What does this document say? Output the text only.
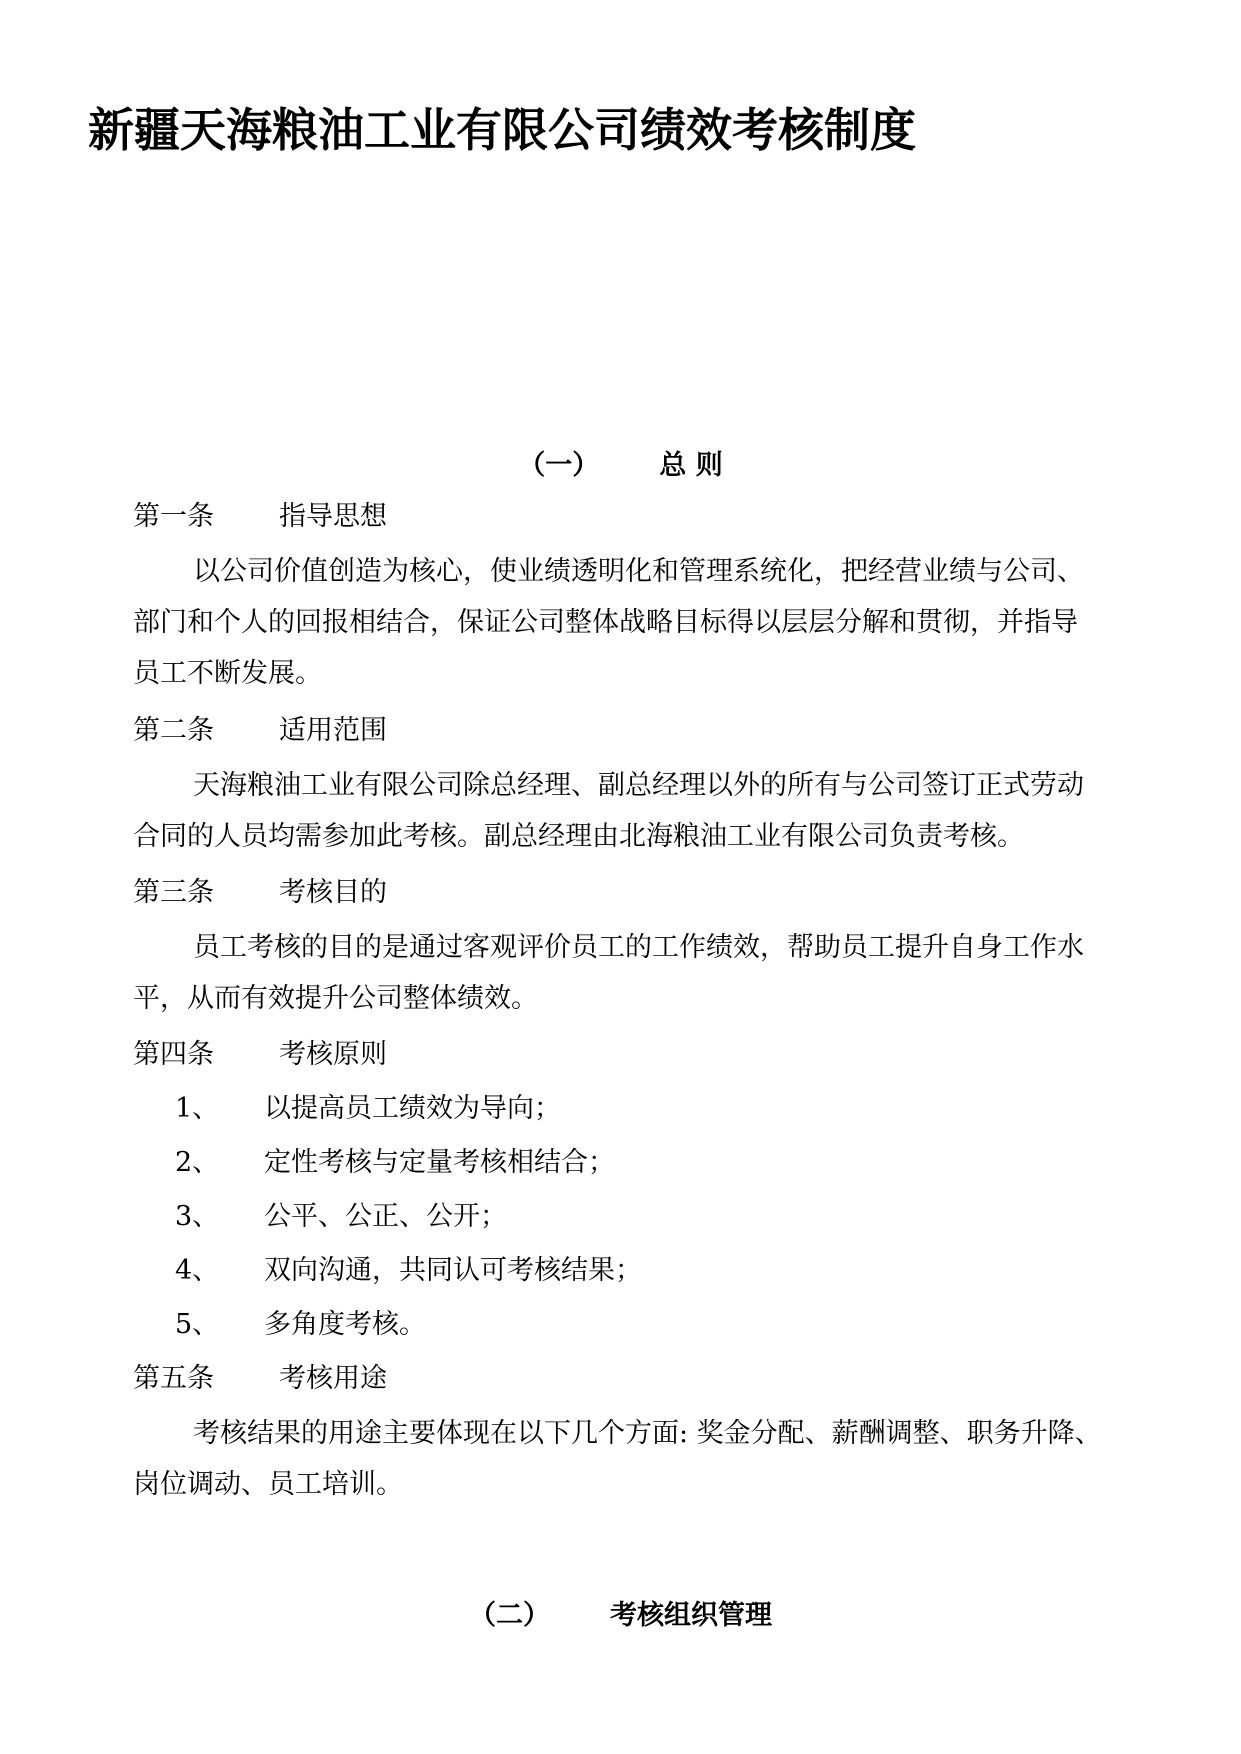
新疆天海粮油工业有限公司绩效考核制度
（一） 总 则
第一条 指导思想
以公司价值创造为核心，使业绩透明化和管理系统化，把经营业绩与公司、
部门和个人的回报相结合，保证公司整体战略目标得以层层分解和贯彻，并指导
员工不断发展。
第二条 适用范围
天海粮油工业有限公司除总经理、副总经理以外的所有与公司签订正式劳动
合同的人员均需参加此考核。副总经理由北海粮油工业有限公司负责考核。
第三条 考核目的
员工考核的目的是通过客观评价员工的工作绩效，帮助员工提升自身工作水
平，从而有效提升公司整体绩效。
第四条 考核原则
1、 以提高员工绩效为导向；
2、 定性考核与定量考核相结合；
3、 公平、公正、公开；
4、 双向沟通，共同认可考核结果；
5、 多角度考核。
第五条 考核用途
考核结果的用途主要体现在以下几个方面: 奖金分配、薪酬调整、职务升降、
岗位调动、员工培训。
（二） 考核组织管理
